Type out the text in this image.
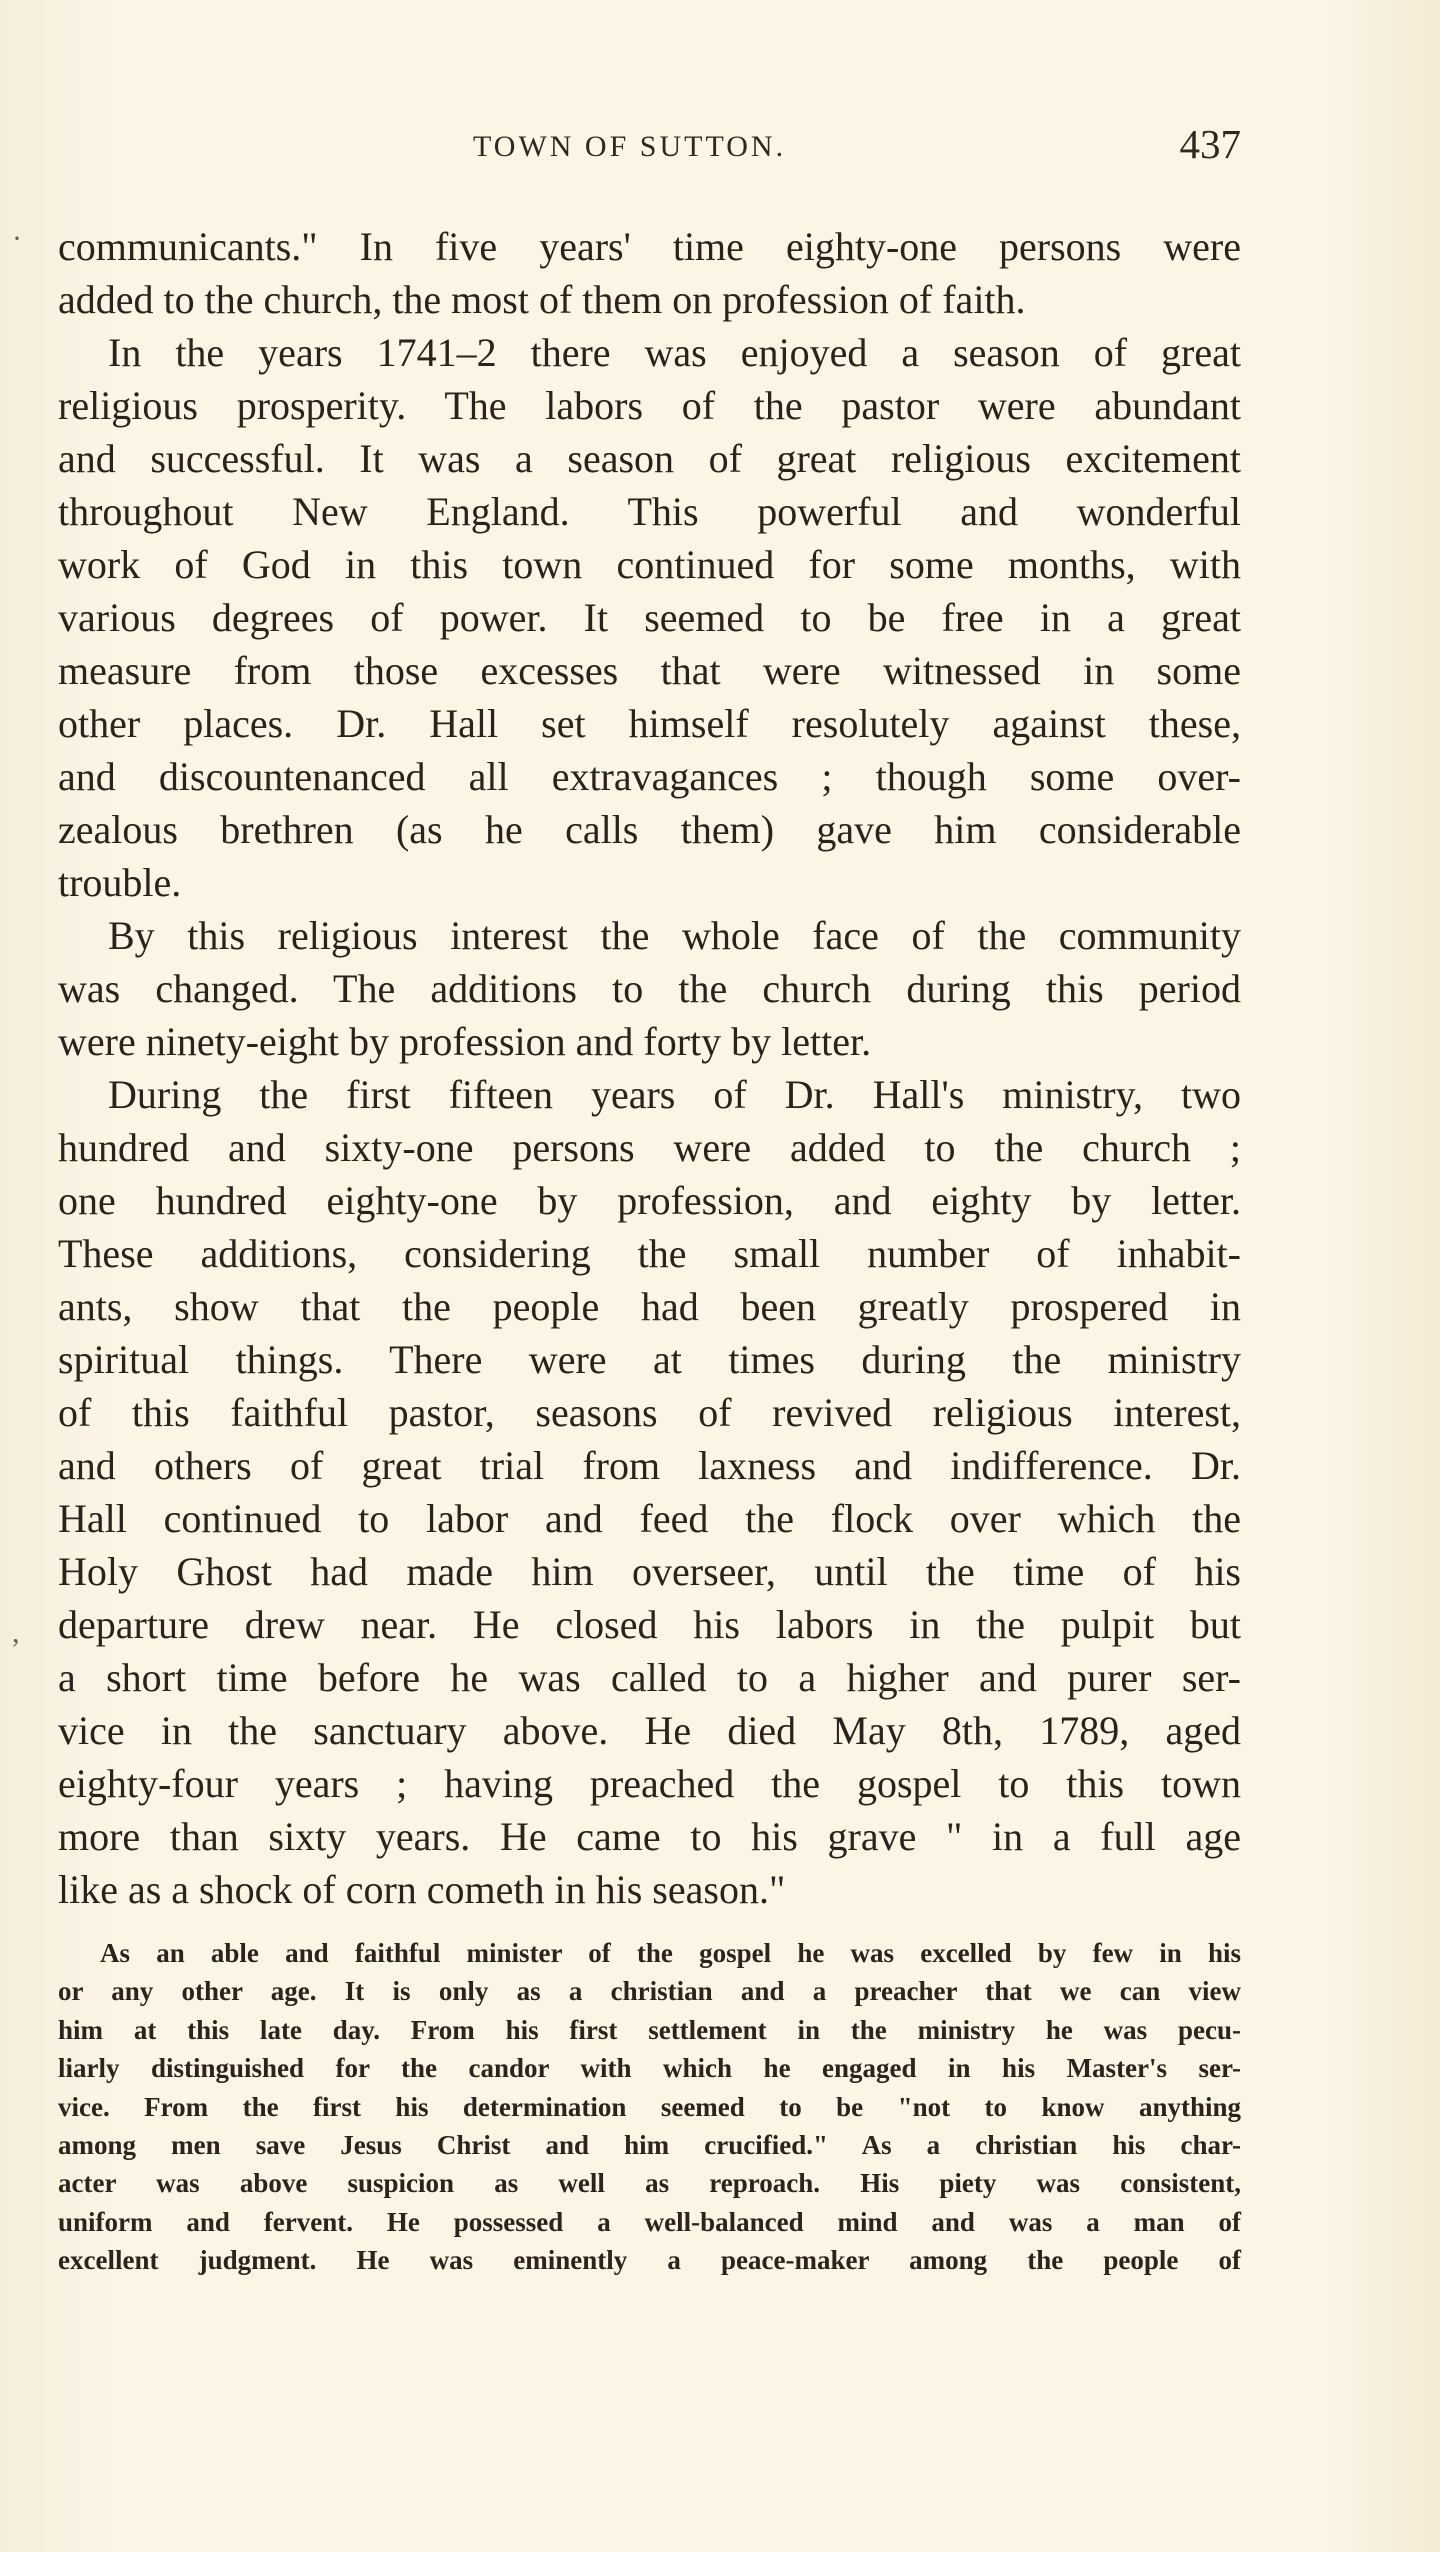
TOWN OF SUTTON.	437
·
,
communicants." In five years' time eighty-one persons were
added to the church, the most of them on profession of faith.
In the years 1741–2 there was enjoyed a season of great
religious prosperity. The labors of the pastor were abundant
and successful. It was a season of great religious excitement
throughout New England. This powerful and wonderful
work of God in this town continued for some months, with
various degrees of power. It seemed to be free in a great
measure from those excesses that were witnessed in some
other places. Dr. Hall set himself resolutely against these,
and discountenanced all extravagances ; though some over-
zealous brethren (as he calls them) gave him considerable
trouble.
By this religious interest the whole face of the community
was changed. The additions to the church during this period
were ninety-eight by profession and forty by letter.
During the first fifteen years of Dr. Hall's ministry, two
hundred and sixty-one persons were added to the church ;
one hundred eighty-one by profession, and eighty by letter.
These additions, considering the small number of inhabit-
ants, show that the people had been greatly prospered in
spiritual things. There were at times during the ministry
of this faithful pastor, seasons of revived religious interest,
and others of great trial from laxness and indifference. Dr.
Hall continued to labor and feed the flock over which the
Holy Ghost had made him overseer, until the time of his
departure drew near. He closed his labors in the pulpit but
a short time before he was called to a higher and purer ser-
vice in the sanctuary above. He died May 8th, 1789, aged
eighty-four years ; having preached the gospel to this town
more than sixty years. He came to his grave " in a full age
like as a shock of corn cometh in his season."
As an able and faithful minister of the gospel he was excelled by few in his
or any other age. It is only as a christian and a preacher that we can view
him at this late day. From his first settlement in the ministry he was pecu-
liarly distinguished for the candor with which he engaged in his Master's ser-
vice. From the first his determination seemed to be "not to know anything
among men save Jesus Christ and him crucified." As a christian his char-
acter was above suspicion as well as reproach. His piety was consistent,
uniform and fervent. He possessed a well-balanced mind and was a man of
excellent judgment. He was eminently a peace-maker among the people of
